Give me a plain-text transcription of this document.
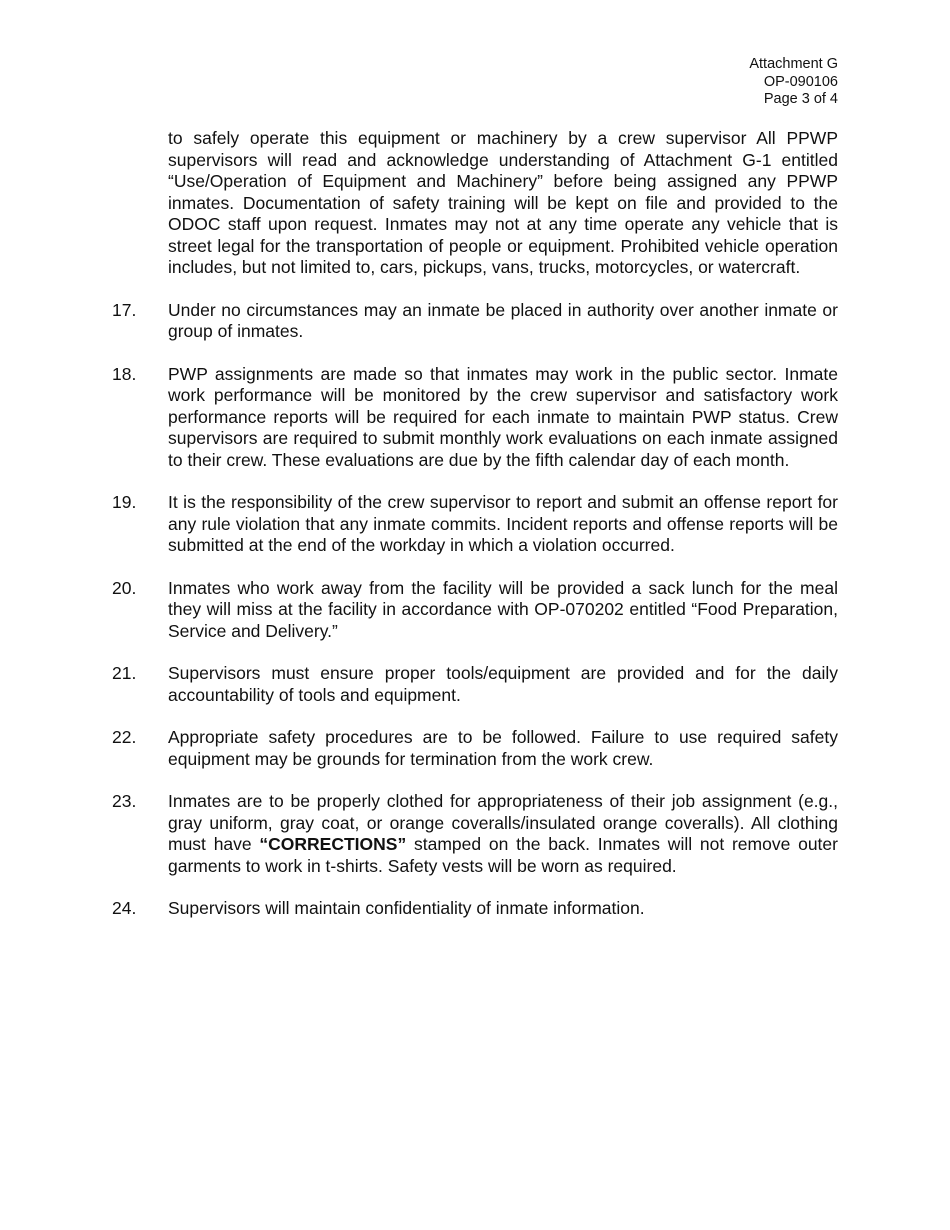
Attachment G
OP-090106
Page 3 of 4
to safely operate this equipment or machinery by a crew supervisor All PPWP supervisors will read and acknowledge understanding of Attachment G-1 entitled “Use/Operation of Equipment and Machinery” before being assigned any PPWP inmates. Documentation of safety training will be kept on file and provided to the ODOC staff upon request. Inmates may not at any time operate any vehicle that is street legal for the transportation of people or equipment. Prohibited vehicle operation includes, but not limited to, cars, pickups, vans, trucks, motorcycles, or watercraft.
17.	Under no circumstances may an inmate be placed in authority over another inmate or group of inmates.
18.	PWP assignments are made so that inmates may work in the public sector. Inmate work performance will be monitored by the crew supervisor and satisfactory work performance reports will be required for each inmate to maintain PWP status. Crew supervisors are required to submit monthly work evaluations on each inmate assigned to their crew. These evaluations are due by the fifth calendar day of each month.
19.	It is the responsibility of the crew supervisor to report and submit an offense report for any rule violation that any inmate commits. Incident reports and offense reports will be submitted at the end of the workday in which a violation occurred.
20.	Inmates who work away from the facility will be provided a sack lunch for the meal they will miss at the facility in accordance with OP-070202 entitled “Food Preparation, Service and Delivery.”
21.	Supervisors must ensure proper tools/equipment are provided and for the daily accountability of tools and equipment.
22.	Appropriate safety procedures are to be followed. Failure to use required safety equipment may be grounds for termination from the work crew.
23.	Inmates are to be properly clothed for appropriateness of their job assignment (e.g., gray uniform, gray coat, or orange coveralls/insulated orange coveralls). All clothing must have “CORRECTIONS” stamped on the back. Inmates will not remove outer garments to work in t-shirts. Safety vests will be worn as required.
24.	Supervisors will maintain confidentiality of inmate information.
